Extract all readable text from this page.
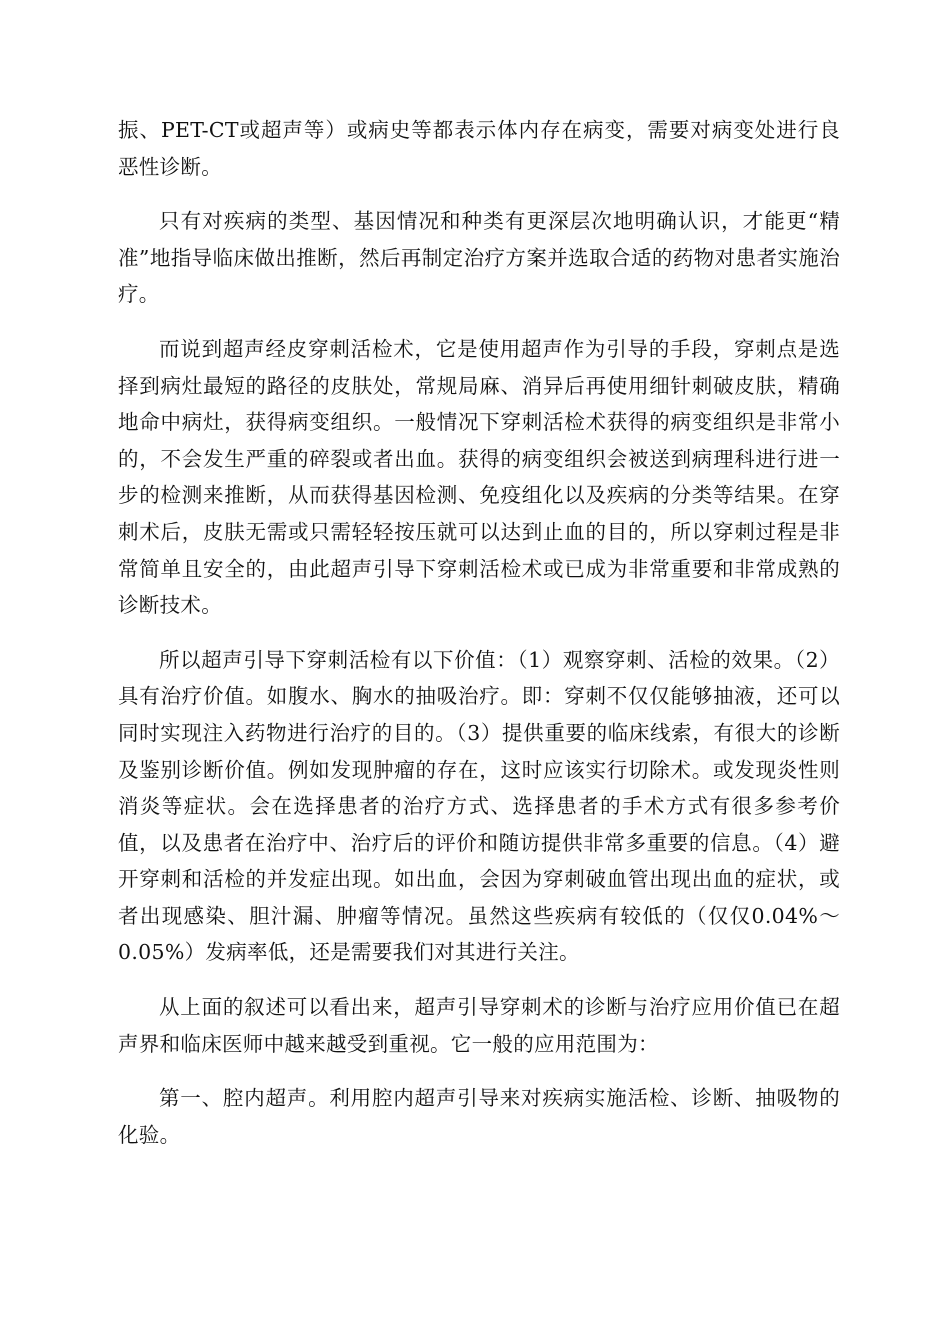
振、PET-CT或超声等）或病史等都表示体内存在病变，需要对病变处进行良恶性诊断。

只有对疾病的类型、基因情况和种类有更深层次地明确认识，才能更“精准”地指导临床做出推断，然后再制定治疗方案并选取合适的药物对患者实施治疗。

而说到超声经皮穿刺活检术，它是使用超声作为引导的手段，穿刺点是选择到病灶最短的路径的皮肤处，常规局麻、消异后再使用细针刺破皮肤，精确地命中病灶，获得病变组织。一般情况下穿刺活检术获得的病变组织是非常小的，不会发生严重的碎裂或者出血。获得的病变组织会被送到病理科进行进一步的检测来推断，从而获得基因检测、免疫组化以及疾病的分类等结果。在穿刺术后，皮肤无需或只需轻轻按压就可以达到止血的目的，所以穿刺过程是非常简单且安全的，由此超声引导下穿刺活检术或已成为非常重要和非常成熟的诊断技术。

所以超声引导下穿刺活检有以下价值：（1）观察穿刺、活检的效果。（2）具有治疗价值。如腹水、胸水的抽吸治疗。即：穿刺不仅仅能够抽液，还可以同时实现注入药物进行治疗的目的。（3）提供重要的临床线索，有很大的诊断及鉴别诊断价值。例如发现肿瘤的存在，这时应该实行切除术。或发现炎性则消炎等症状。会在选择患者的治疗方式、选择患者的手术方式有很多参考价值，以及患者在治疗中、治疗后的评价和随访提供非常多重要的信息。（4）避开穿刺和活检的并发症出现。如出血，会因为穿刺破血管出现出血的症状，或者出现感染、胆汁漏、肿瘤等情况。虽然这些疾病有较低的（仅仅0.04%～0.05%）发病率低，还是需要我们对其进行关注。

从上面的叙述可以看出来，超声引导穿刺术的诊断与治疗应用价值已在超声界和临床医师中越来越受到重视。它一般的应用范围为：

第一、腔内超声。利用腔内超声引导来对疾病实施活检、诊断、抽吸物的化验。
